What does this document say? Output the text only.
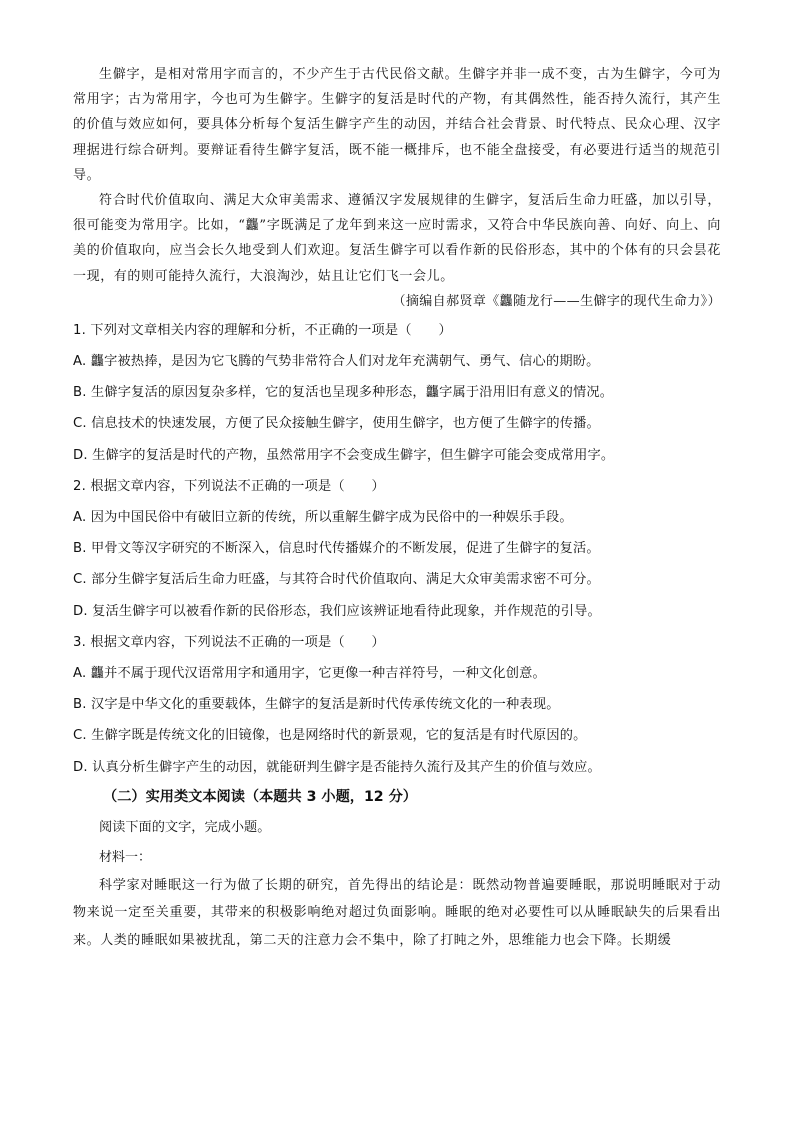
生僻字，是相对常用字而言的，不少产生于古代民俗文献。生僻字并非一成不变，古为生僻字，今可为常用字；古为常用字，今也可为生僻字。生僻字的复活是时代的产物，有其偶然性，能否持久流行，其产生的价值与效应如何，要具体分析每个复活生僻字产生的动因，并结合社会背景、时代特点、民众心理、汉字理据进行综合研判。要辩证看待生僻字复活，既不能一概排斥，也不能全盘接受，有必要进行适当的规范引导。

符合时代价值取向、满足大众审美需求、遵循汉字发展规律的生僻字，复活后生命力旺盛，加以引导，很可能变为常用字。比如，“龘”字既满足了龙年到来这一应时需求，又符合中华民族向善、向好、向上、向美的价值取向，应当会长久地受到人们欢迎。复活生僻字可以看作新的民俗形态，其中的个体有的只会昙花一现，有的则可能持久流行，大浪淘沙，姑且让它们飞一会儿。

（摘编自郝贤章《龘随龙行——生僻字的现代生命力》）

1. 下列对文章相关内容的理解和分析，不正确的一项是（　　）

A. 龘字被热捧，是因为它飞腾的气势非常符合人们对龙年充满朝气、勇气、信心的期盼。

B. 生僻字复活的原因复杂多样，它的复活也呈现多种形态，龘字属于沿用旧有意义的情况。

C. 信息技术的快速发展，方便了民众接触生僻字，使用生僻字，也方便了生僻字的传播。

D. 生僻字的复活是时代的产物，虽然常用字不会变成生僻字，但生僻字可能会变成常用字。

2. 根据文章内容，下列说法不正确的一项是（　　）

A. 因为中国民俗中有破旧立新的传统，所以重解生僻字成为民俗中的一种娱乐手段。

B. 甲骨文等汉字研究的不断深入，信息时代传播媒介的不断发展，促进了生僻字的复活。

C. 部分生僻字复活后生命力旺盛，与其符合时代价值取向、满足大众审美需求密不可分。

D. 复活生僻字可以被看作新的民俗形态，我们应该辨证地看待此现象，并作规范的引导。

3. 根据文章内容，下列说法不正确的一项是（　　）

A. 龘并不属于现代汉语常用字和通用字，它更像一种吉祥符号，一种文化创意。

B. 汉字是中华文化的重要载体，生僻字的复活是新时代传承传统文化的一种表现。

C. 生僻字既是传统文化的旧镜像，也是网络时代的新景观，它的复活是有时代原因的。

D. 认真分析生僻字产生的动因，就能研判生僻字是否能持久流行及其产生的价值与效应。

（二）实用类文本阅读（本题共 3 小题，12 分）

阅读下面的文字，完成小题。

材料一：

科学家对睡眠这一行为做了长期的研究，首先得出的结论是：既然动物普遍要睡眠，那说明睡眠对于动物来说一定至关重要，其带来的积极影响绝对超过负面影响。睡眠的绝对必要性可以从睡眠缺失的后果看出来。人类的睡眠如果被扰乱，第二天的注意力会不集中，除了打盹之外，思维能力也会下降。长期缓
